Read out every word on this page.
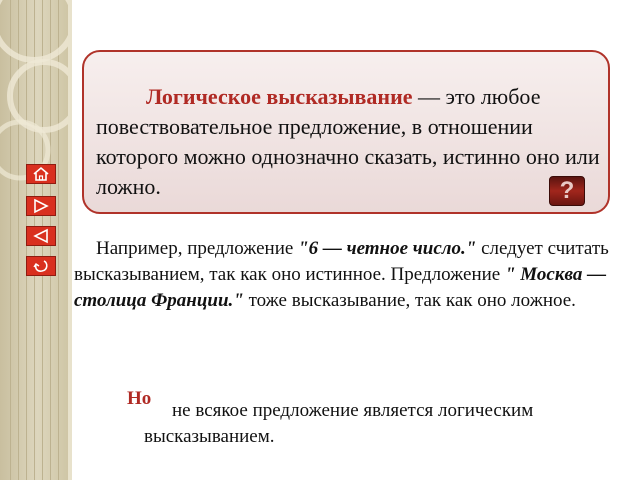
Логическое высказывание — это любое повествовательное предложение, в отношении которого можно однозначно сказать, истинно оно или ложно.	?

Например, предложение "6 — четное число." следует считать высказыванием, так как оно истинное. Предложение " Москва — столица Франции." тоже высказывание, так как оно ложное.

Но

не всякое предложение является логическим высказыванием.
